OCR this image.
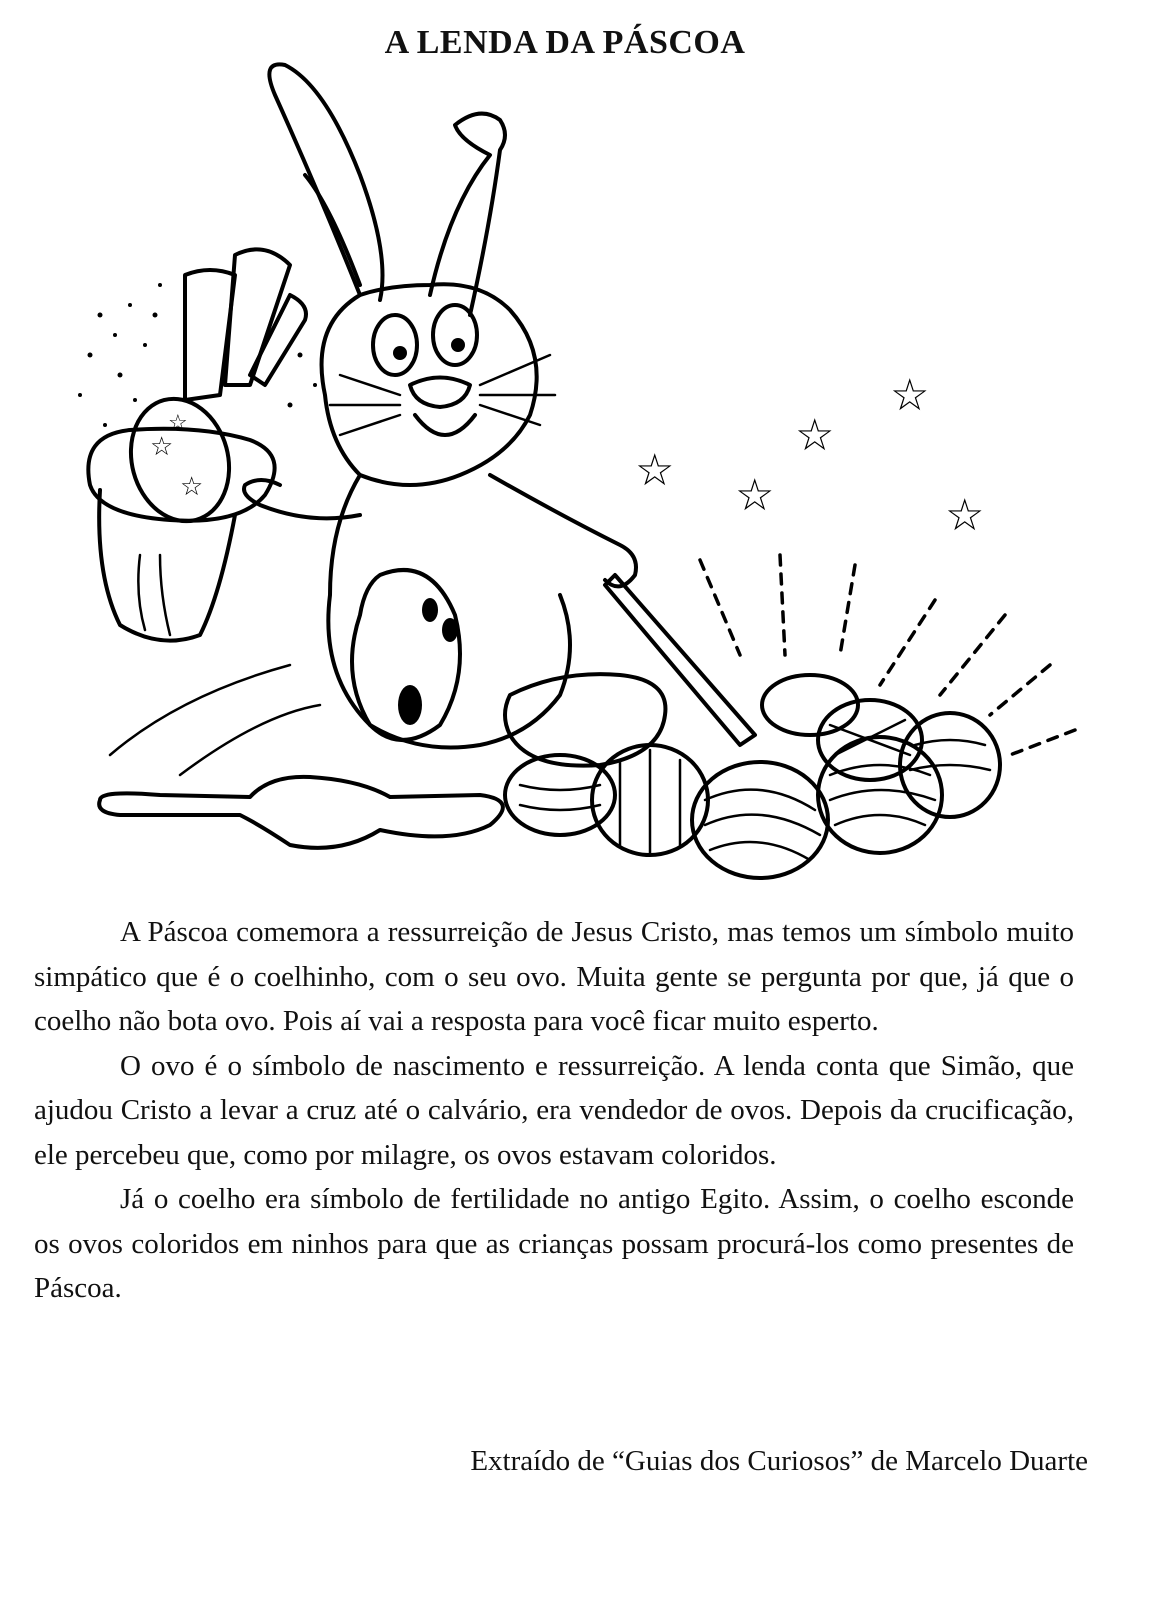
A LENDA DA PÁSCOA
☆
☆
☆
☆ ☆
☆
☆
☆

A Páscoa comemora a ressurreição de Jesus Cristo, mas temos um símbolo muito simpático que é o coelhinho, com o seu ovo. Muita gente se pergunta por que, já que o coelho não bota ovo. Pois aí vai a resposta para você ficar muito esperto.

O ovo é o símbolo de nascimento e ressurreição. A lenda conta que Simão, que ajudou Cristo a levar a cruz até o calvário, era vendedor de ovos. Depois da crucificação, ele percebeu que, como por milagre, os ovos estavam coloridos.

Já o coelho era símbolo de fertilidade no antigo Egito. Assim, o coelho esconde os ovos coloridos em ninhos para que as crianças possam procurá-los como presentes de Páscoa.

Extraído de “Guias dos Curiosos” de Marcelo Duarte
